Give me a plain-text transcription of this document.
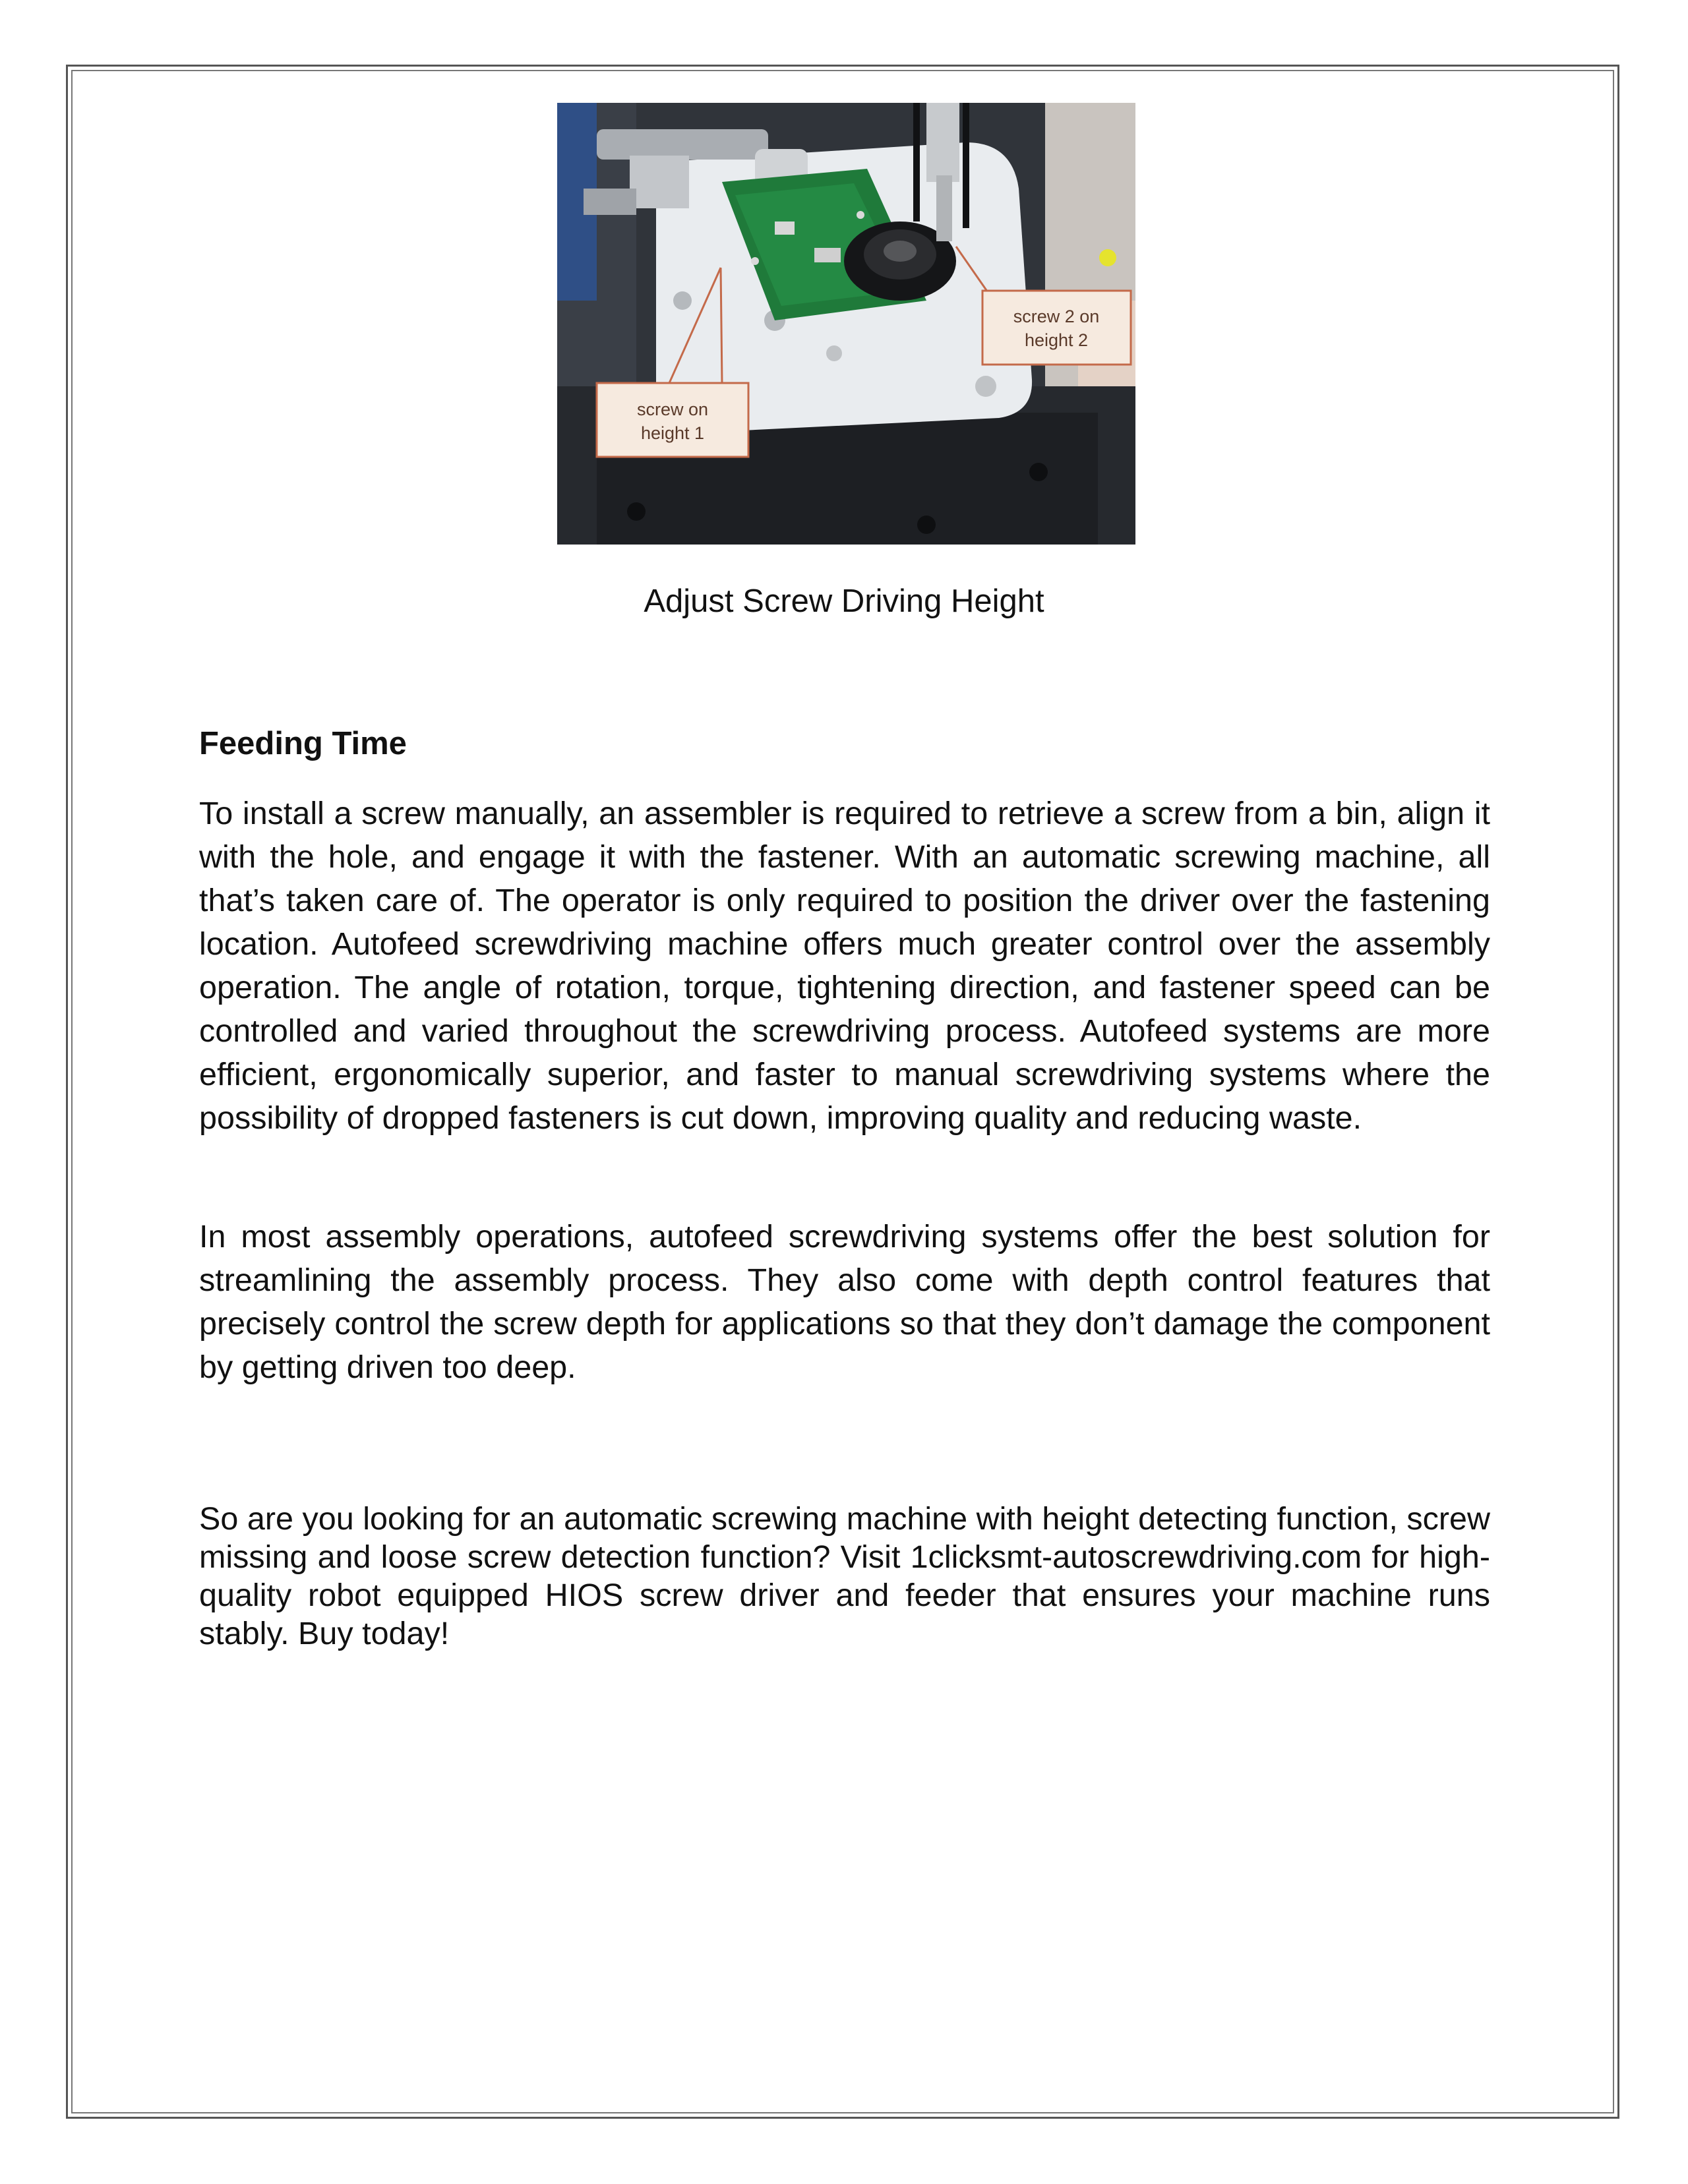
screw on
height 1
screw 2 on
height 2
Adjust Screw Driving Height
Feeding Time

To install a screw manually, an assembler is required to retrieve a screw from a bin, align it with the hole, and engage it with the fastener. With an automatic screwing machine, all that’s taken care of. The operator is only required to position the driver over the fastening location. Autofeed screwdriving machine offers much greater control over the assembly operation. The angle of rotation, torque, tightening direction, and fastener speed can be controlled and varied throughout the screwdriving process. Autofeed systems are more efficient, ergonomically superior, and faster to manual screwdriving systems where the possibility of dropped fasteners is cut down, improving quality and reducing waste.

In most assembly operations, autofeed screwdriving systems offer the best solution for streamlining the assembly process. They also come with depth control features that precisely control the screw depth for applications so that they don’t damage the component by getting driven too deep.

So are you looking for an automatic screwing machine with height detecting function, screw missing and loose screw detection function? Visit 1clicksmt-autoscrewdriving.com for high-quality robot equipped HIOS screw driver and feeder that ensures your machine runs stably. Buy today!
